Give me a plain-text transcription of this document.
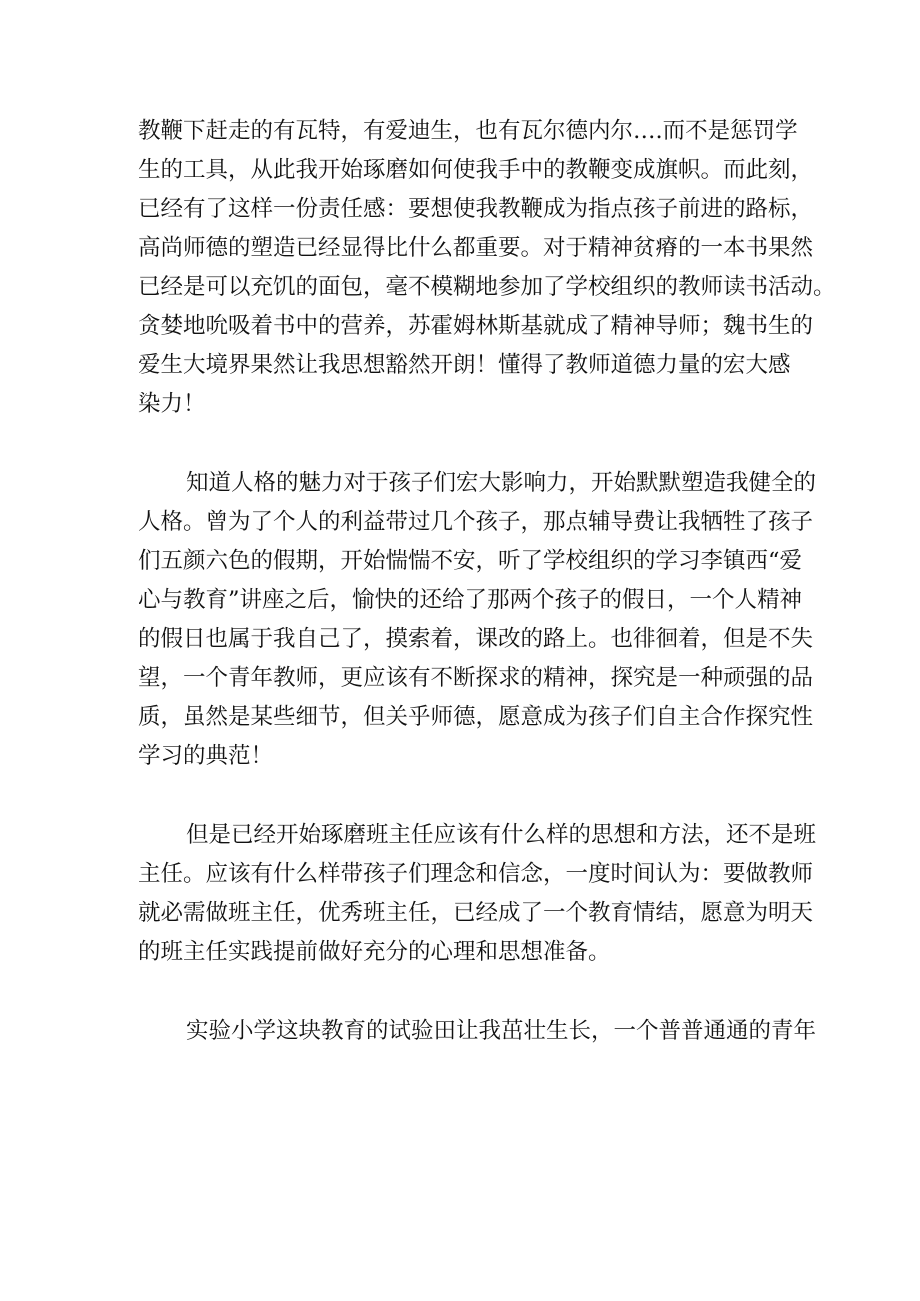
教鞭下赶走的有瓦特，有爱迪生，也有瓦尔德内尔….而不是惩罚学
生的工具，从此我开始琢磨如何使我手中的教鞭变成旗帜。而此刻，
已经有了这样一份责任感：要想使我教鞭成为指点孩子前进的路标，
高尚师德的塑造已经显得比什么都重要。对于精神贫瘠的一本书果然
已经是可以充饥的面包，毫不模糊地参加了学校组织的教师读书活动。
贪婪地吮吸着书中的营养，苏霍姆林斯基就成了精神导师；魏书生的
爱生大境界果然让我思想豁然开朗！懂得了教师道德力量的宏大感
染力！
知道人格的魅力对于孩子们宏大影响力，开始默默塑造我健全的
人格。曾为了个人的利益带过几个孩子，那点辅导费让我牺牲了孩子
们五颜六色的假期，开始惴惴不安，听了学校组织的学习李镇西“爱
心与教育”讲座之后，愉快的还给了那两个孩子的假日，一个人精神
的假日也属于我自己了，摸索着，课改的路上。也徘徊着，但是不失
望，一个青年教师，更应该有不断探求的精神，探究是一种顽强的品
质，虽然是某些细节，但关乎师德，愿意成为孩子们自主合作探究性
学习的典范！
但是已经开始琢磨班主任应该有什么样的思想和方法，还不是班
主任。应该有什么样带孩子们理念和信念，一度时间认为：要做教师
就必需做班主任，优秀班主任，已经成了一个教育情结，愿意为明天
的班主任实践提前做好充分的心理和思想准备。
实验小学这块教育的试验田让我茁壮生长，一个普普通通的青年
